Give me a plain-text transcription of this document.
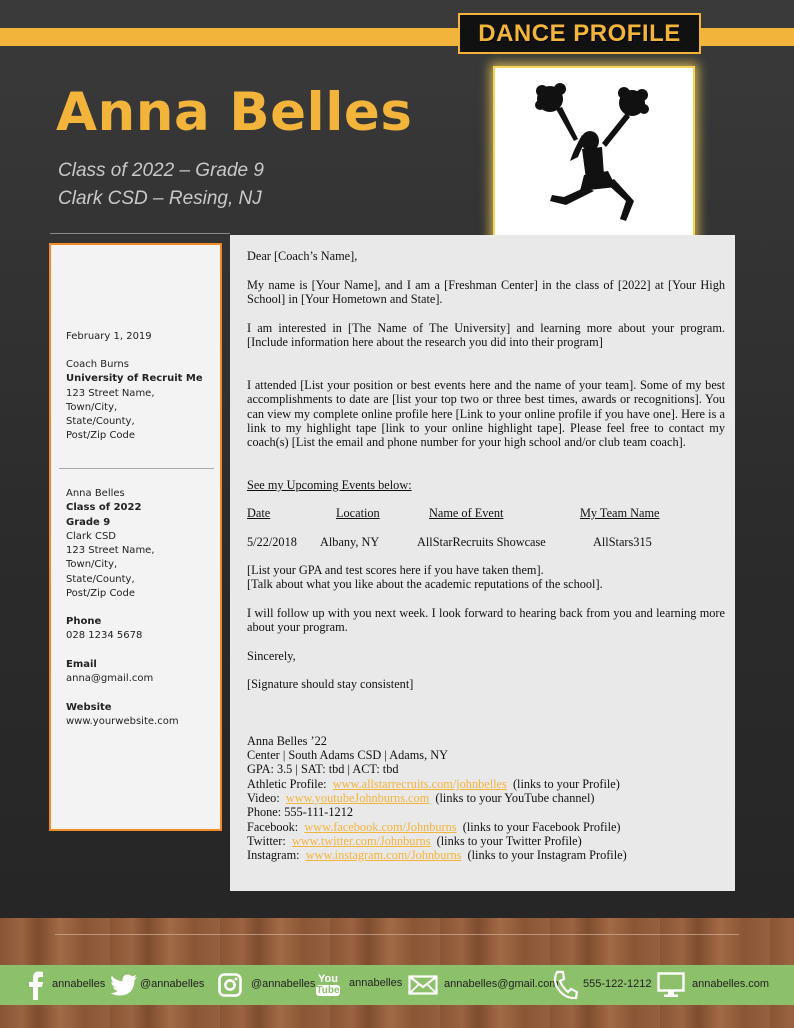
DANCE PROFILE
Anna Belles
Class of 2022 – Grade 9
Clark CSD – Resing, NJ
February 1, 2019
Coach Burns
University of Recruit Me
123 Street Name,
Town/City,
State/County,
Post/Zip Code
Anna Belles
Class of 2022
Grade 9
Clark CSD
123 Street Name,
Town/City,
State/County,
Post/Zip Code
Phone
028 1234 5678
Email
anna@gmail.com
Website
www.yourwebsite.com

Dear [Coach’s Name],

My name is [Your Name], and I am a [Freshman Center] in the class of [2022] at [Your High School] in [Your Hometown and State].

I am interested in [The Name of The University] and learning more about your program. [Include information here about the research you did into their program]

I attended [List your position or best events here and the name of your team]. Some of my best accomplishments to date are [list your top two or three best times, awards or recognitions]. You can view my complete online profile here [Link to your online profile if you have one]. Here is a link to my highlight tape [link to your online highlight tape]. Please feel free to contact my coach(s) [List the email and phone number for your high school and/or club team coach].

See my Upcoming Events below:

Date	Location	Name of Event	My Team Name
5/22/2018 Albany, NY	AllStarRecruits Showcase	AllStars315

[List your GPA and test scores here if you have taken them].

[Talk about what you like about the academic reputations of the school].

I will follow up with you next week. I look forward to hearing back from you and learning more about your program.

Sincerely,

[Signature should stay consistent]

Anna Belles ’22

Center | South Adams CSD | Adams, NY

GPA: 3.5 | SAT: tbd | ACT: tbd

Athletic Profile: www.allstarrecruits.com/johnbelles (links to your Profile)

Video: www.youtubeJohnburns.com (links to your YouTube channel)

Phone: 555-111-1212

Facebook: www.facebook.com/Johnburns (links to your Facebook Profile)

Twitter: www.twitter.com/Johnburns (links to your Twitter Profile)

Instagram: www.instagram.com/Johnburns (links to your Instagram Profile)

annabelles	@annabelles	@annabelles You
Tube
annabelles	annabelles@gmail.com 555-122-1212	annabelles.com
